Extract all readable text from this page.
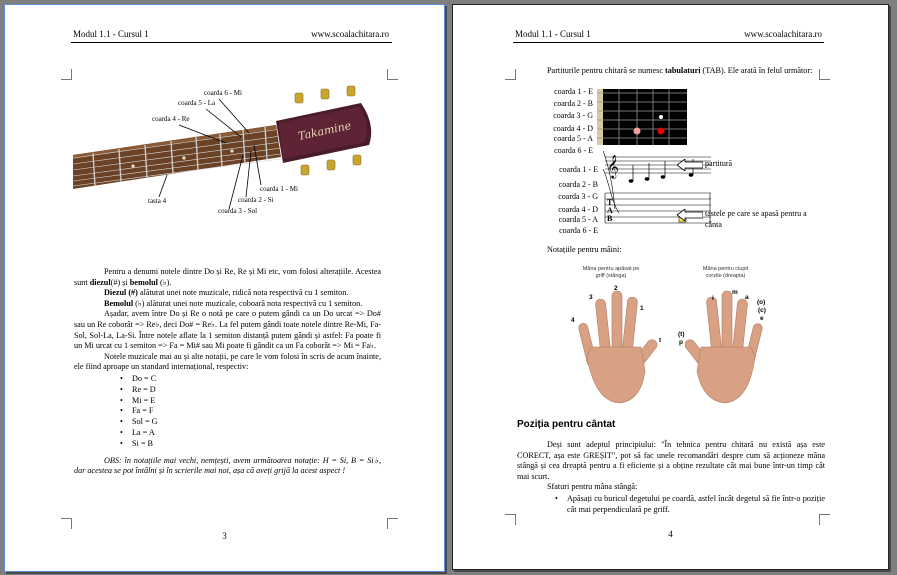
Modul 1.1 - Cursul 1	www.scoalachitara.ro
Takamine
coarda 6 - Mi
coarda 5 - La
coarda 4 - Re
coarda 1 - Mi
coarda 2 - Si
coarda 3 - Sol
tasta 4

Pentru a denumi notele dintre Do și Re, Re și Mi etc, vom folosi alterațiile. Acestea sunt diezul(#) și bemolul (♭).

Diezul (#) alăturat unei note muzicale, ridică nota respectivă cu 1 semiton.

Bemolul (♭) alăturat unei note muzicale, coboară nota respectivă cu 1 semiton.

Așadar, avem între Do și Re o notă pe care o putem gândi ca un Do urcat => Do# sau un Re coborât => Re♭, deci Do# = Re♭. La fel putem gândi toate notele dintre Re-Mi, Fa-Sol, Sol-La, La-Si. Între notele aflate la 1 semiton distanță putem gândi și astfel: Fa poate fi un Mi urcat cu 1 semiton => Fa = Mi# sau Mi poate fi gândit ca un Fa coborât => Mi = Fa♭.

Notele muzicale mai au și alte notații, pe care le vom folosi în scris de acum înainte, ele fiind aproape un standard internațional, respectiv:

• Do = C
• Re = D
• Mi = E
• Fa = F
• Sol = G
• La = A
• Si = B

OBS: în notațiile mai vechi, nemțești, avem următoarea notație: H = Si, B = Si♭, dar acestea se pot întâlni și în scrierile mai noi, așa că aveți grijă la acest aspect !

3
Modul 1.1 - Cursul 1	www.scoalachitara.ro

Partiturile pentru chitară se numesc tabulaturi (TAB). Ele arată în felul următor:

coarda 1 - E
coarda 2 - B
coarda 3 - G
coarda 4 - D
coarda 5 - A
coarda 6 - E
coarda 1 - E
coarda 2 - B
coarda 3 - G
coarda 4 - D
coarda 5 - A
coarda 6 - E
𝄞
T
A
B
partitură
tastele pe care se apasă pentru a cânta

Notațiile pentru mâini:

Mâna pentru apăsat pe griff (stânga)
Mâna pentru ciupit corzile (dreapta)
1
2
3
4
t
(t)
p
i
m
a
(o)
(c)
e
Poziția pentru cântat

Deși sunt adeptul principiului: "În tehnica pentru chitară nu există așa este CORECT, așa este GREȘIT", pot să fac unele recomandări despre cum să acționeze mâna stângă și cea dreaptă pentru a fi eficiente și a obține rezultate cât mai bune într-un timp cât mai scurt.

Sfaturi pentru mâna stângă:

• Apăsați cu buricul degetului pe coardă, astfel încât degetul să fie într-o poziție cât mai perpendiculară pe griff.
4
